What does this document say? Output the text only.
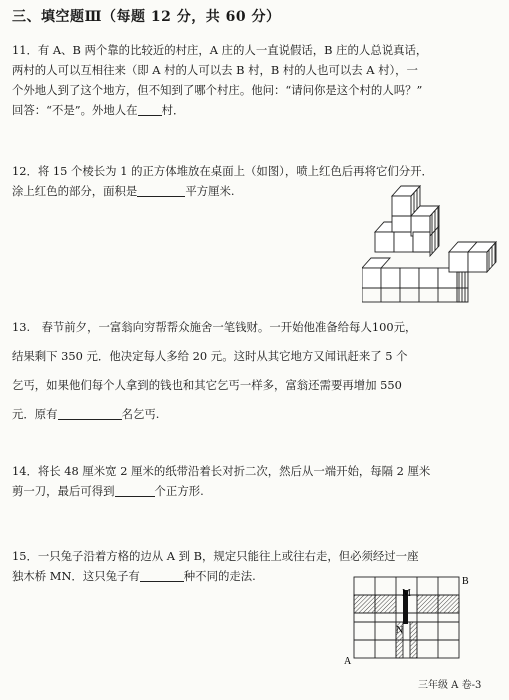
三、填空题Ⅲ（每题 12 分，共 60 分）

11．有 A、B 两个靠的比较近的村庄，A 庄的人一直说假话，B 庄的人总说真话，

两村的人可以互相往来（即 A 村的人可以去 B 村，B 村的人也可以去 A 村），一

个外地人到了这个地方，但不知到了哪个村庄。他问：“请问你是这个村的人吗？”

回答：“不是”。外地人在 村．

12．将 15 个棱长为 1 的正方体堆放在桌面上（如图），喷上红色后再将它们分开．

涂上红色的部分，面积是	平方厘米.

13.　春节前夕，一富翁向穷帮帮众施舍一笔钱财。一开始他准备给每人100元，

结果剩下 350 元．他决定每人多给 20 元。这时从其它地方又闻讯赶来了 5 个

乞丐，如果他们每个人拿到的钱也和其它乞丐一样多，富翁还需要再增加 550

元．原有	名乞丐.

14．将长 48 厘米宽 2 厘米的纸带沿着长对折二次，然后从一端开始，每隔 2 厘米

剪一刀，最后可得到	个正方形.

15．一只兔子沿着方格的边从 A 到 B，规定只能往上或往右走，但必须经过一座

独木桥 MN．这只兔子有	种不同的走法.

M
N
A
B
三年级 A 卷-3
